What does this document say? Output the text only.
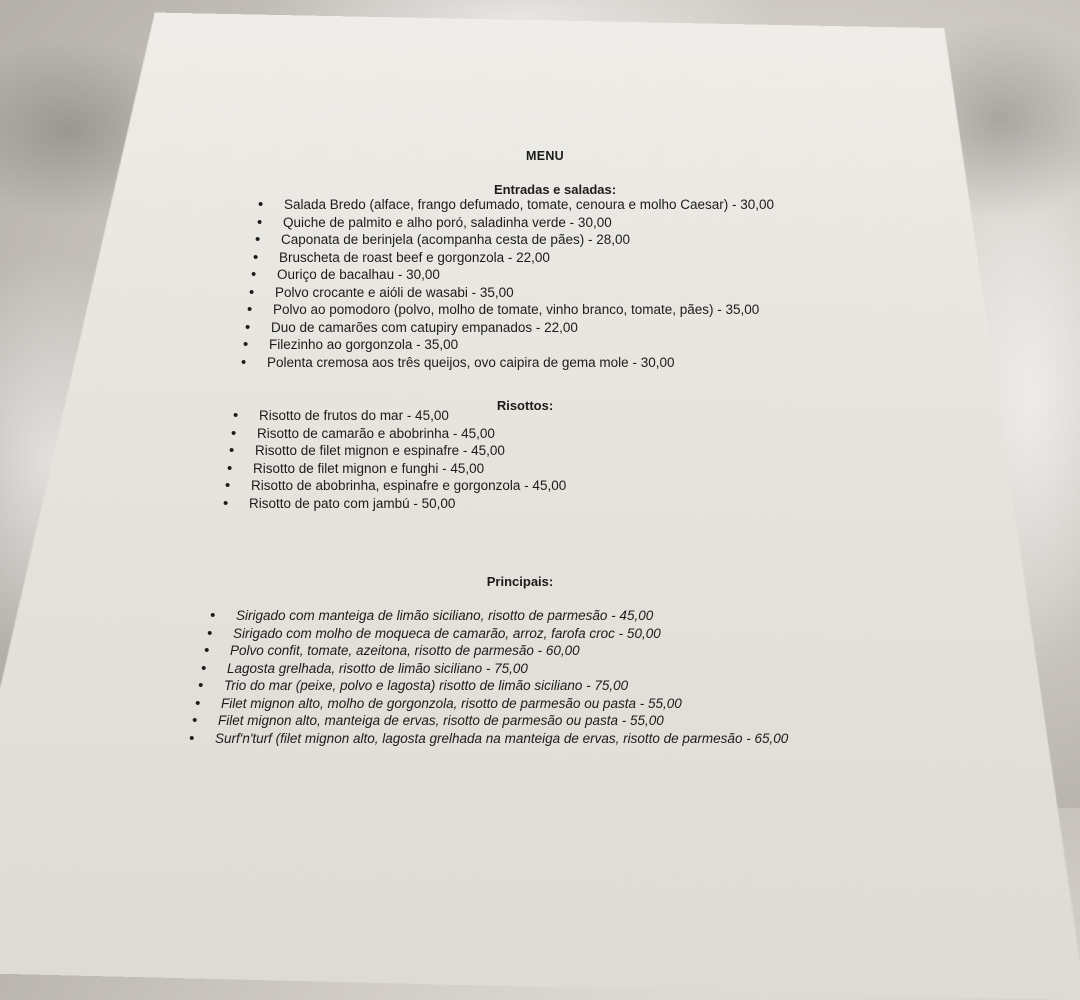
MENU
Entradas e saladas:
• Salada Bredo (alface, frango defumado, tomate, cenoura e molho Caesar) - 30,00
• Quiche de palmito e alho poró, saladinha verde - 30,00
• Caponata de berinjela (acompanha cesta de pães) - 28,00
• Bruscheta de roast beef e gorgonzola - 22,00
• Ouriço de bacalhau - 30,00
• Polvo crocante e aióli de wasabi - 35,00
• Polvo ao pomodoro (polvo, molho de tomate, vinho branco, tomate, pães) - 35,00
• Duo de camarões com catupiry empanados - 22,00
• Filezinho ao gorgonzola - 35,00
• Polenta cremosa aos três queijos, ovo caipira de gema mole - 30,00
Risottos:
• Risotto de frutos do mar - 45,00
• Risotto de camarão e abobrinha - 45,00
• Risotto de filet mignon e espinafre - 45,00
• Risotto de filet mignon e funghi - 45,00
• Risotto de abobrinha, espinafre e gorgonzola - 45,00
• Risotto de pato com jambú - 50,00
Principais:
• Sirigado com manteiga de limão siciliano, risotto de parmesão - 45,00
• Sirigado com molho de moqueca de camarão, arroz, farofa croc - 50,00
• Polvo confit, tomate, azeitona, risotto de parmesão - 60,00
• Lagosta grelhada, risotto de limão siciliano - 75,00
• Trio do mar (peixe, polvo e lagosta) risotto de limão siciliano - 75,00
• Filet mignon alto, molho de gorgonzola, risotto de parmesão ou pasta - 55,00
• Filet mignon alto, manteiga de ervas, risotto de parmesão ou pasta - 55,00
• Surf'n'turf (filet mignon alto, lagosta grelhada na manteiga de ervas, risotto de parmesão - 65,00
